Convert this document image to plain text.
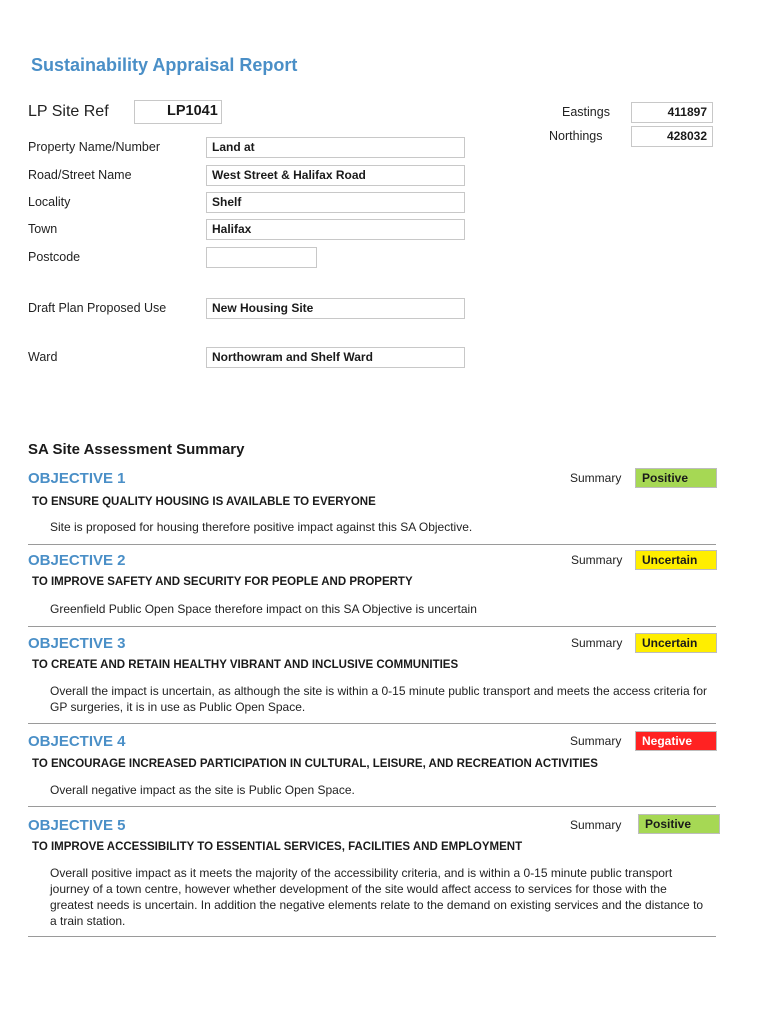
Sustainability Appraisal Report
LP Site Ref	LP1041	Eastings	411897
Northings	428032
Property Name/Number	Land at
Road/Street Name	West Street & Halifax Road
Locality	Shelf
Town	Halifax
Postcode
Draft Plan Proposed Use	New Housing Site
Ward	Northowram and Shelf Ward
SA Site Assessment Summary
OBJECTIVE 1	Summary	Positive
TO ENSURE QUALITY HOUSING IS AVAILABLE TO EVERYONE
Site is proposed for housing therefore positive impact against this SA Objective.
OBJECTIVE 2	Summary	Uncertain
TO IMPROVE SAFETY AND SECURITY FOR PEOPLE AND PROPERTY
Greenfield Public Open Space therefore impact on this SA Objective is uncertain
OBJECTIVE 3	Summary	Uncertain
TO CREATE AND RETAIN HEALTHY VIBRANT AND INCLUSIVE COMMUNITIES
Overall the impact is uncertain, as although the site is within a 0-15 minute public transport and meets the access criteria for GP surgeries, it is in use as Public Open Space.
OBJECTIVE 4	Summary	Negative
TO ENCOURAGE INCREASED PARTICIPATION IN CULTURAL, LEISURE, AND RECREATION ACTIVITIES
Overall negative impact as the site is Public Open Space.
OBJECTIVE 5	Summary	Positive
TO IMPROVE ACCESSIBILITY TO ESSENTIAL SERVICES, FACILITIES AND EMPLOYMENT
Overall positive impact as it meets the majority of the accessibility criteria, and is within a 0-15 minute public transport journey of a town centre, however whether development of the site would affect access to services for those with the greatest needs is uncertain. In addition the negative elements relate to the demand on existing services and the distance to a train station.
